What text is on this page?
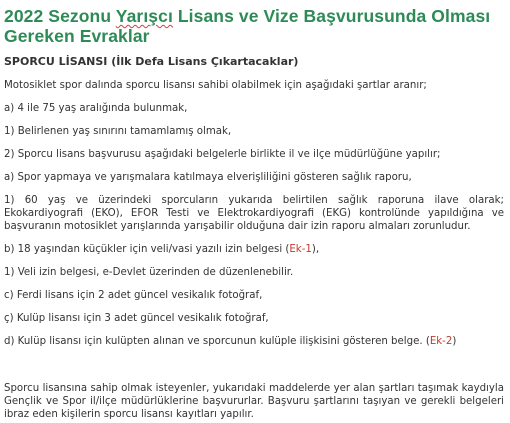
2022 Sezonu Yarışcı Lisans ve Vize Başvurusunda Olması Gereken Evraklar
SPORCU LİSANSI (İlk Defa Lisans Çıkartacaklar)

Motosiklet spor dalında sporcu lisansı sahibi olabilmek için aşağıdaki şartlar aranır;

a) 4 ile 75 yaş aralığında bulunmak,

1) Belirlenen yaş sınırını tamamlamış olmak,

2) Sporcu lisans başvurusu aşağıdaki belgelerle birlikte il ve ilçe müdürlüğüne yapılır;

a) Spor yapmaya ve yarışmalara katılmaya elverişliliğini gösteren sağlık raporu,

1) 60 yaş ve üzerindeki sporcuların yukarıda belirtilen sağlık raporuna ilave olarak; Ekokardiyografi (EKO), EFOR Testi ve Elektrokardiyografi (EKG) kontrolünde yapıldığına ve başvuranın motosiklet yarışlarında yarışabilir olduğuna dair izin raporu almaları zorunludur.

b) 18 yaşından küçükler için veli/vasi yazılı izin belgesi (Ek-1),

1) Veli izin belgesi, e-Devlet üzerinden de düzenlenebilir.

c) Ferdi lisans için 2 adet güncel vesikalık fotoğraf,

ç) Kulüp lisansı için 3 adet güncel vesikalık fotoğraf,

d) Kulüp lisansı için kulüpten alınan ve sporcunun kulüple ilişkisini gösteren belge. (Ek-2)

Sporcu lisansına sahip olmak isteyenler, yukarıdaki maddelerde yer alan şartları taşımak kaydıyla Gençlik ve Spor il/ilçe müdürlüklerine başvururlar. Başvuru şartlarını taşıyan ve gerekli belgeleri ibraz eden kişilerin sporcu lisansı kayıtları yapılır.
